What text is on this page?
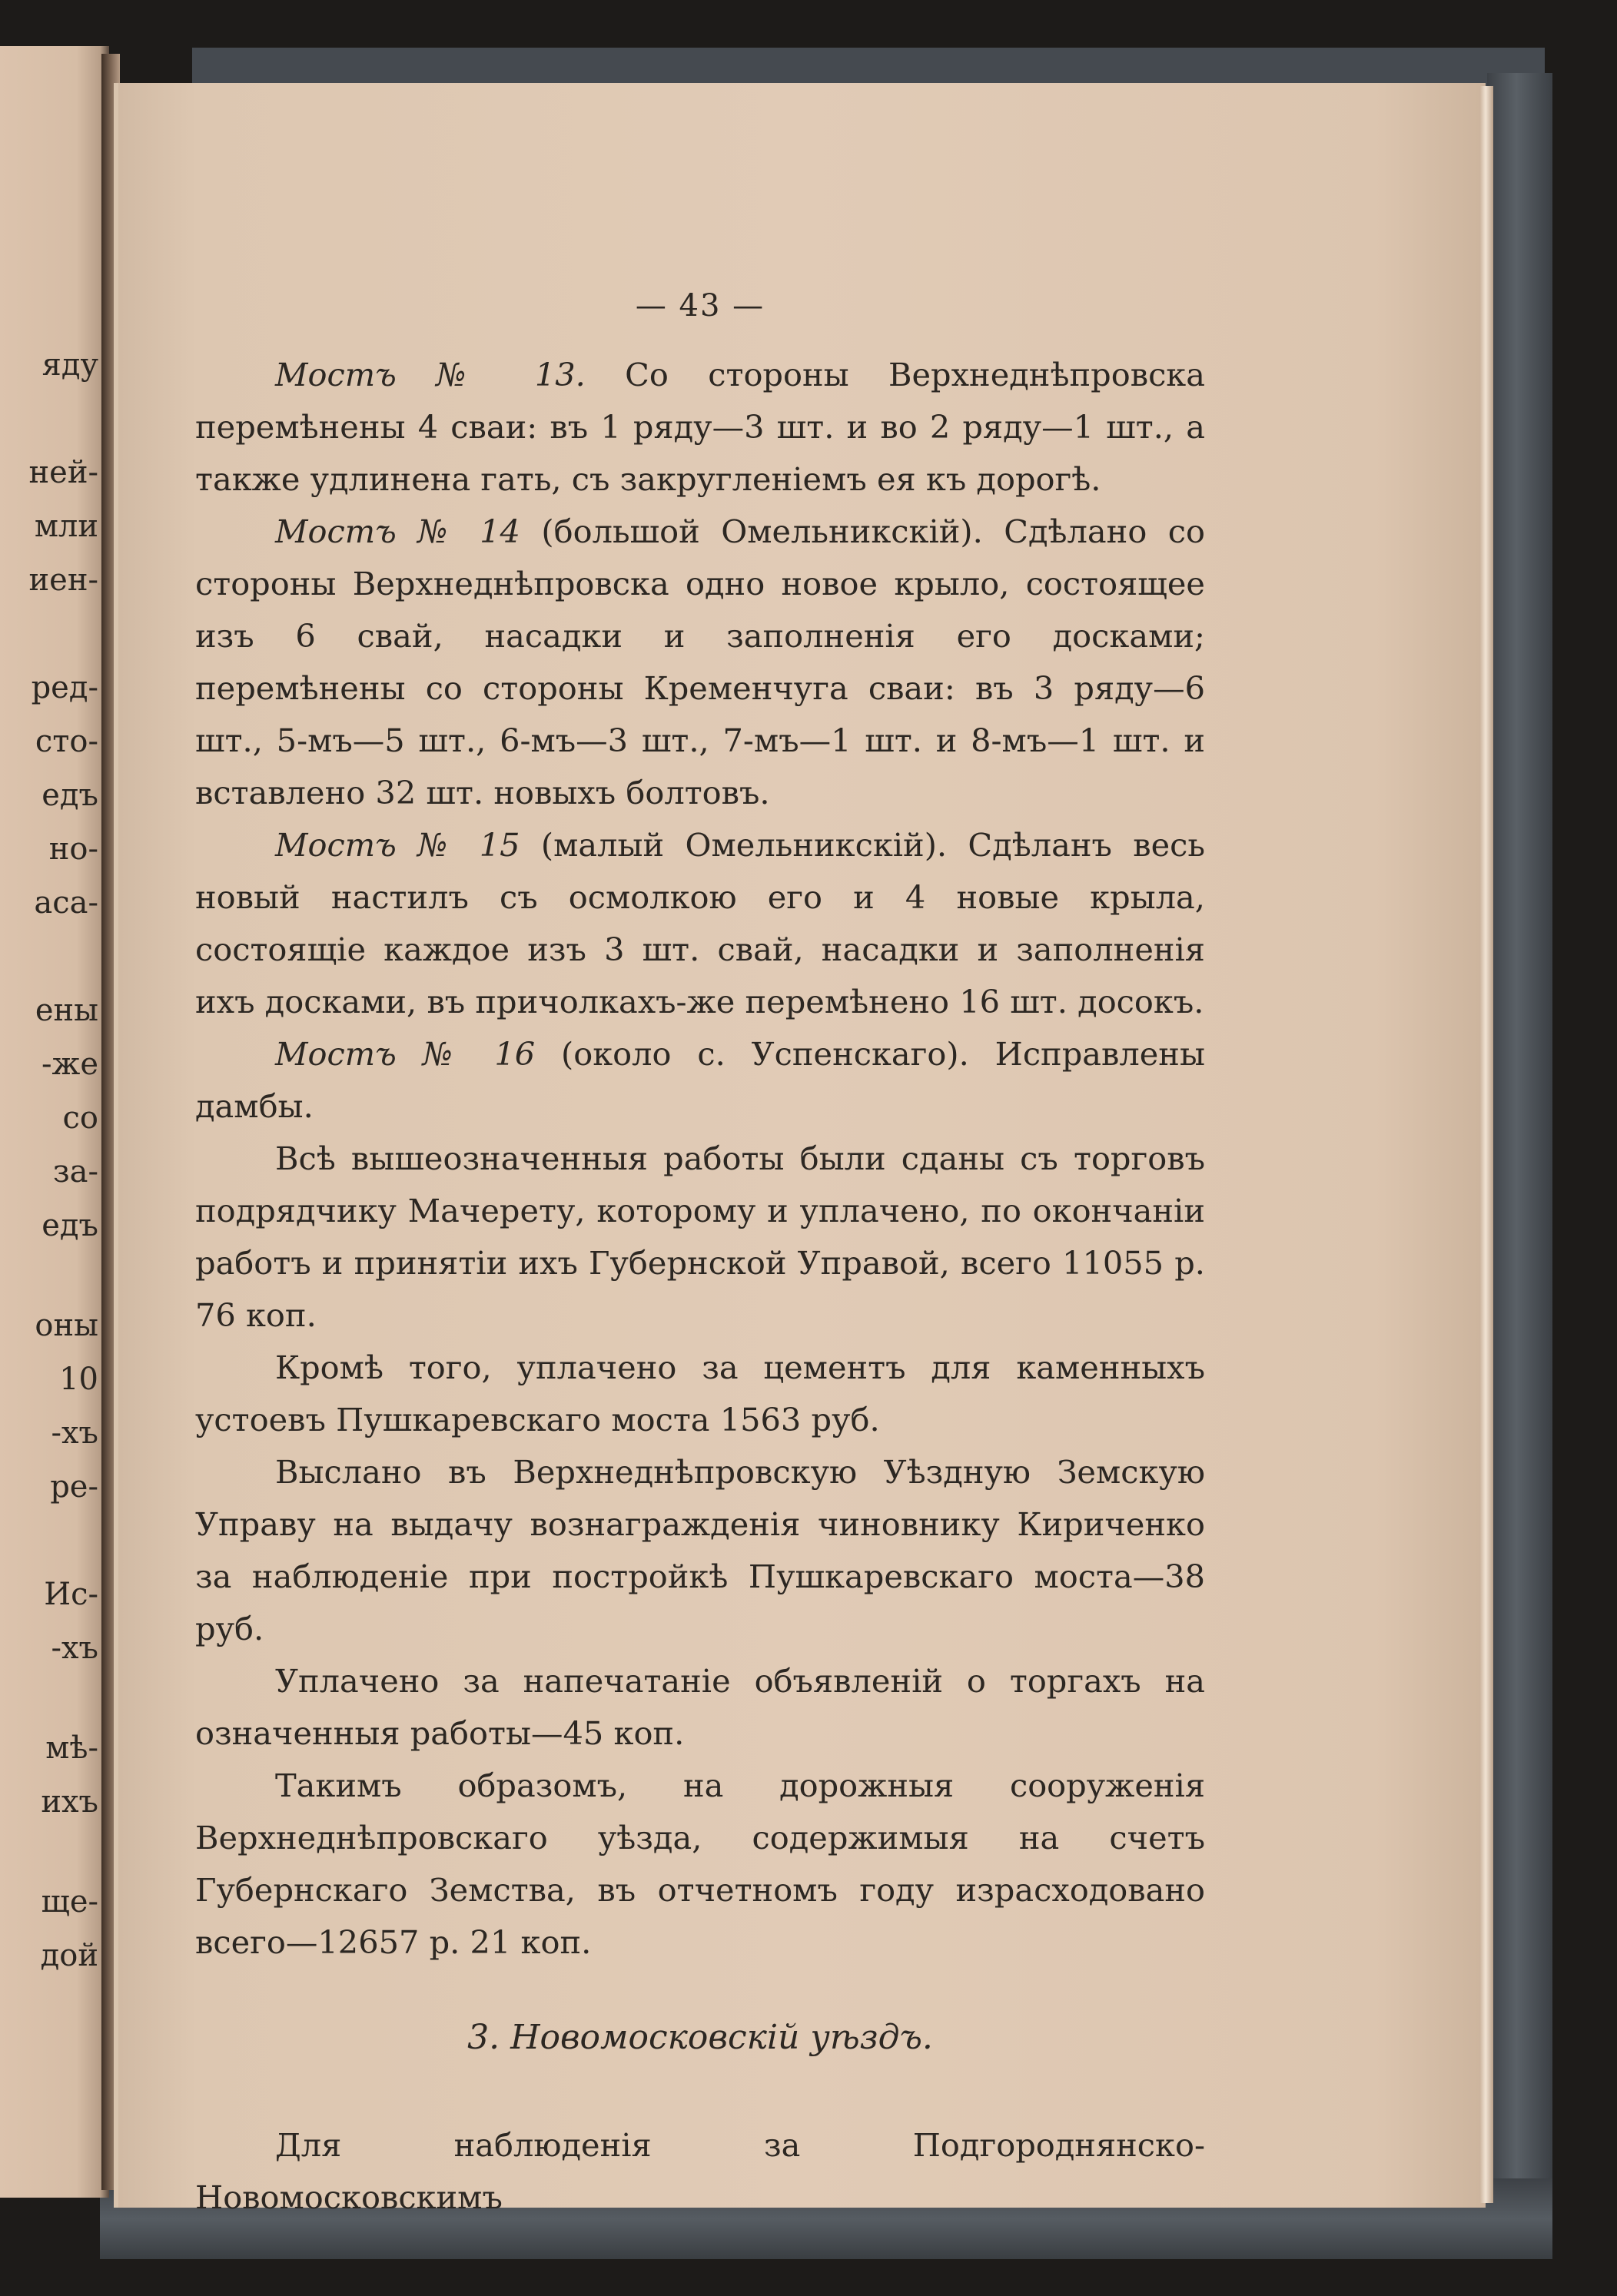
яду
ней-
мли
иен-
ред-
сто-
едъ
но-
аса-
ены
-же
со
за-
едъ
оны
10
-хъ
ре-
Ис-
-хъ
мѣ-
ихъ
ще-
дой
— 43 —

Мостъ № 13. Со стороны Верхнеднѣпровска перемѣнены 4 сваи: въ 1 ряду—3 шт. и во 2 ряду—1 шт., а также удлинена гать, съ закругленіемъ ея къ дорогѣ.

Мостъ № 14 (большой Омельникскій). Сдѣлано со стороны Верхнеднѣпровска одно новое крыло, состоящее изъ 6 свай, насадки и заполненія его досками; перемѣнены со стороны Кременчуга сваи: въ 3 ряду—6 шт., 5-мъ—5 шт., 6-мъ—3 шт., 7-мъ—1 шт. и 8-мъ—1 шт. и вставлено 32 шт. новыхъ болтовъ.

Мостъ № 15 (малый Омельникскій). Сдѣланъ весь новый настилъ съ осмолкою его и 4 новые крыла, состоящіе каждое изъ 3 шт. свай, насадки и заполненія ихъ досками, въ причолкахъ-же перемѣнено 16 шт. досокъ.

Мостъ № 16 (около с. Успенскаго). Исправлены дамбы.

Всѣ вышеозначенныя работы были сданы съ торговъ подрядчику Мачерету, которому и уплачено, по окончаніи работъ и принятіи ихъ Губернской Управой, всего 11055 р. 76 коп.

Кромѣ того, уплачено за цементъ для каменныхъ устоевъ Пушкаревскаго моста 1563 руб.

Выслано въ Верхнеднѣпровскую Уѣздную Земскую Управу на выдачу вознагражденія чиновнику Кириченко за наблюденіе при постройкѣ Пушкаревскаго моста—38 руб.

Уплачено за напечатаніе объявленій о торгахъ на означенныя работы—45 коп.

Такимъ образомъ, на дорожныя сооруженія Верхнеднѣпровскаго уѣзда, содержимыя на счетъ Губернскаго Земства, въ отчетномъ году израсходовано всего—12657 р. 21 коп.

3. Новомосковскій уѣздъ.

Для наблюденія за Подгороднянско-Новомосковскимъ
